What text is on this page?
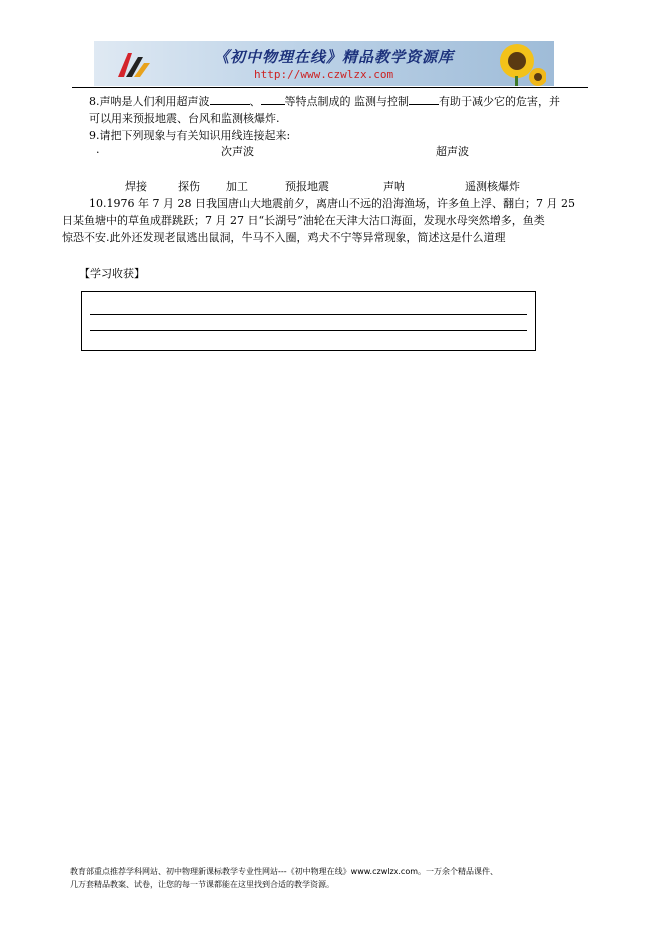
《初中物理在线》精品教学资源库
http://www.czwlzx.com
8.声呐是人们利用超声波	、 等特点制成的 监测与控制	有助于减少它的危害，并
可以用来预报地震、台风和监测核爆炸.
9.请把下列现象与有关知识用线连接起来:
.	次声波	超声波
焊接	探伤 加工	预报地震	声呐	遥测核爆炸
10.1976 年 7 月 28 日我国唐山大地震前夕，离唐山不远的沿海渔场，许多鱼上浮、翻白；7 月 25
日某鱼塘中的草鱼成群跳跃；7 月 27 日“长湖号”油轮在天津大沽口海面，发现水母突然增多，鱼类
惊恐不安.此外还发现老鼠逃出鼠洞，牛马不入圈，鸡犬不宁等异常现象，简述这是什么道理
【学习收获】
教育部重点推荐学科网站、初中物理新课标教学专业性网站---《初中物理在线》www.czwlzx.com。一万余个精品课件、
几万套精品教案、试卷，让您的每一节课都能在这里找到合适的教学资源。
